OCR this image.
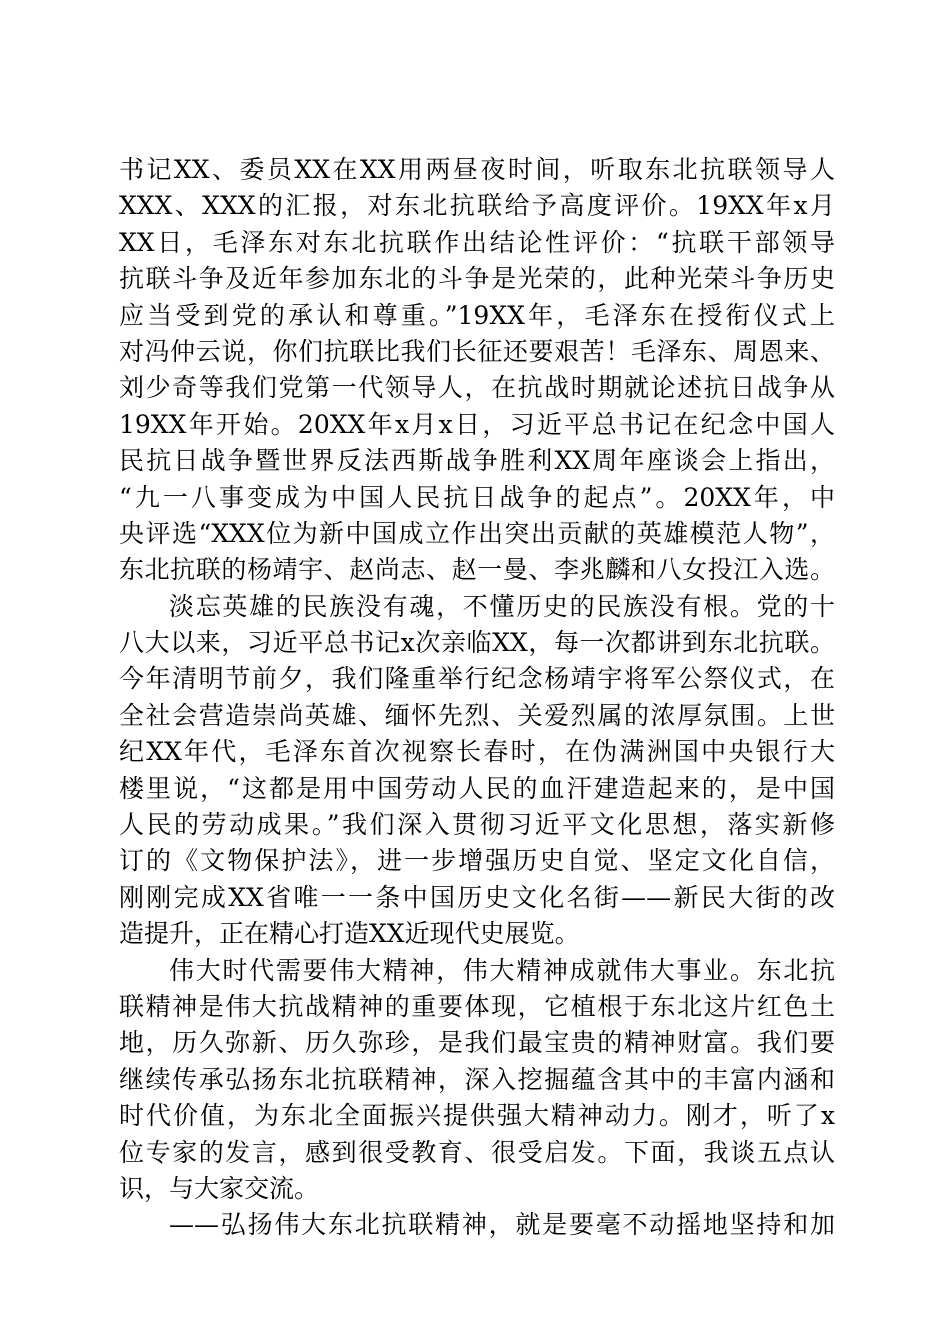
书记XX、委员XX在XX用两昼夜时间，听取东北抗联领导人
XXX、XXX的汇报，对东北抗联给予高度评价。19XX年x月
XX日，毛泽东对东北抗联作出结论性评价：“抗联干部领导
抗联斗争及近年参加东北的斗争是光荣的，此种光荣斗争历史
应当受到党的承认和尊重。”19XX年，毛泽东在授衔仪式上
对冯仲云说，你们抗联比我们长征还要艰苦！毛泽东、周恩来、
刘少奇等我们党第一代领导人，在抗战时期就论述抗日战争从
19XX年开始。20XX年x月x日，习近平总书记在纪念中国人
民抗日战争暨世界反法西斯战争胜利XX周年座谈会上指出，
“九一八事变成为中国人民抗日战争的起点”。20XX年，中
央评选“XXX位为新中国成立作出突出贡献的英雄模范人物”，
东北抗联的杨靖宇、赵尚志、赵一曼、李兆麟和八女投江入选。
淡忘英雄的民族没有魂，不懂历史的民族没有根。党的十
八大以来，习近平总书记x次亲临XX，每一次都讲到东北抗联。
今年清明节前夕，我们隆重举行纪念杨靖宇将军公祭仪式，在
全社会营造崇尚英雄、缅怀先烈、关爱烈属的浓厚氛围。上世
纪XX年代，毛泽东首次视察长春时，在伪满洲国中央银行大
楼里说，“这都是用中国劳动人民的血汗建造起来的，是中国
人民的劳动成果。”我们深入贯彻习近平文化思想，落实新修
订的《文物保护法》，进一步增强历史自觉、坚定文化自信，
刚刚完成XX省唯一一条中国历史文化名街——新民大街的改
造提升，正在精心打造XX近现代史展览。
伟大时代需要伟大精神，伟大精神成就伟大事业。东北抗
联精神是伟大抗战精神的重要体现，它植根于东北这片红色土
地，历久弥新、历久弥珍，是我们最宝贵的精神财富。我们要
继续传承弘扬东北抗联精神，深入挖掘蕴含其中的丰富内涵和
时代价值，为东北全面振兴提供强大精神动力。刚才，听了x
位专家的发言，感到很受教育、很受启发。下面，我谈五点认
识，与大家交流。
——弘扬伟大东北抗联精神，就是要毫不动摇地坚持和加
